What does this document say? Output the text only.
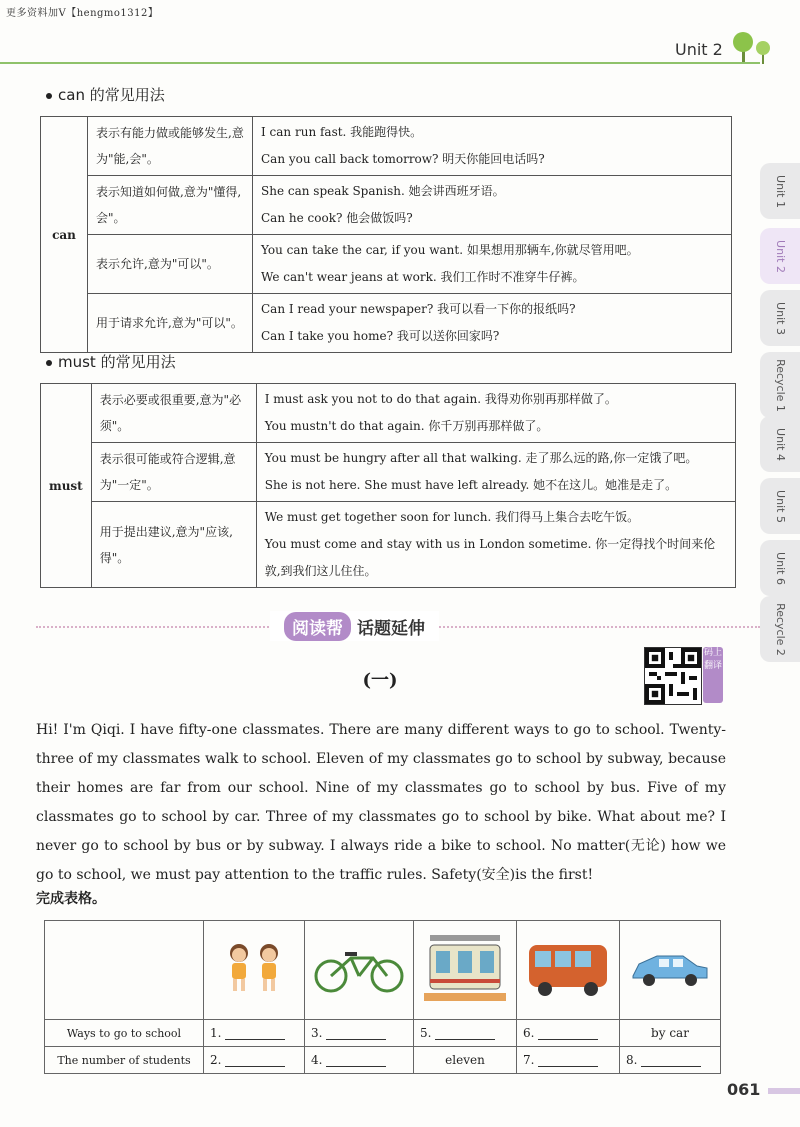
更多资料加V【hengmo1312】
Unit 2
Unit 1
Unit 2
Unit 3
Recycle 1
Unit 4
Unit 5
Unit 6
Recycle 2
can 的常见用法
can	表示有能力做或能够发生,意为"能,会"。	I can run fast. 我能跑得快。
Can you call back tomorrow? 明天你能回电话吗?

	表示知道如何做,意为"懂得,会"。	She can speak Spanish. 她会讲西班牙语。
Can he cook? 他会做饭吗?

	表示允许,意为"可以"。	You can take the car, if you want. 如果想用那辆车,你就尽管用吧。
We can't wear jeans at work. 我们工作时不准穿牛仔裤。

	用于请求允许,意为"可以"。	Can I read your newspaper? 我可以看一下你的报纸吗?
Can I take you home? 我可以送你回家吗?
must 的常见用法
must	表示必要或很重要,意为"必须"。	I must ask you not to do that again. 我得劝你别再那样做了。
You mustn't do that again. 你千万别再那样做了。

	表示很可能或符合逻辑,意为"一定"。	You must be hungry after all that walking. 走了那么远的路,你一定饿了吧。
She is not here. She must have left already. 她不在这儿。她准是走了。

	用于提出建议,意为"应该,得"。	We must get together soon for lunch. 我们得马上集合去吃午饭。
You must come and stay with us in London sometime. 你一定得找个时间来伦敦,到我们这儿住住。
阅读帮 话题延伸
(一)
码上翻译
Hi! I'm Qiqi. I have fifty-one classmates. There are many different ways to go to school. Twenty-three of my classmates walk to school. Eleven of my classmates go to school by subway, because their homes are far from our school. Nine of my classmates go to school by bus. Five of my classmates go to school by car. Three of my classmates go to school by bike. What about me? I never go to school by bus or by subway. I always ride a bike to school. No matter(无论) how we go to school, we must pay attention to the traffic rules. Safety(安全)is the first!
完成表格。

Ways to go to school	1.	3.	5.	6.	by car
The number of students	2.	4.	eleven	7.	8.
061
